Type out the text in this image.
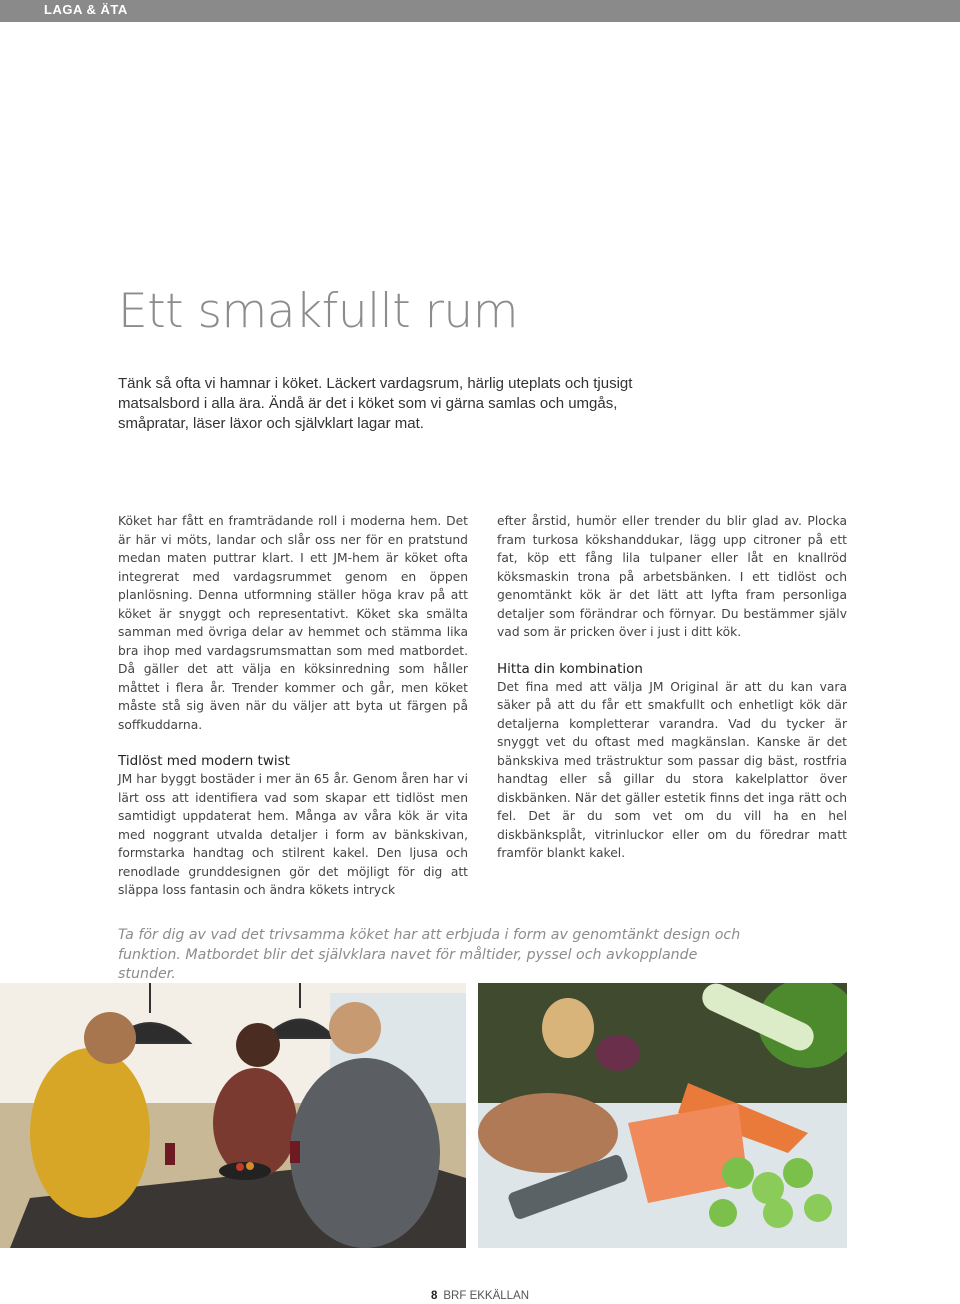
LAGA & ÄTA
Ett smakfullt rum

Tänk så ofta vi hamnar i köket. Läckert vardagsrum, härlig uteplats och tjusigt matsalsbord i alla ära. Ändå är det i köket som vi gärna samlas och umgås, småpratar, läser läxor och självklart lagar mat.

Köket har fått en framträdande roll i moderna hem. Det är här vi möts, landar och slår oss ner för en pratstund medan maten puttrar klart. I ett JM-hem är köket ofta integrerat med vardagsrummet genom en öppen planlösning. Denna utformning ställer höga krav på att köket är snyggt och representativt. Köket ska smälta samman med övriga delar av hemmet och stämma lika bra ihop med vardagsrumsmattan som med matbordet. Då gäller det att välja en köksinredning som håller måttet i flera år. Trender kommer och går, men köket måste stå sig även när du väljer att byta ut färgen på soffkuddarna.

Tidlöst med modern twist

JM har byggt bostäder i mer än 65 år. Genom åren har vi lärt oss att identifiera vad som skapar ett tidlöst men samtidigt uppdaterat hem. Många av våra kök är vita med noggrant utvalda detaljer i form av bänkskivan, formstarka handtag och stilrent kakel. Den ljusa och renodlade grunddesignen gör det möjligt för dig att släppa loss fantasin och ändra kökets intryck

efter årstid, humör eller trender du blir glad av. Plocka fram turkosa kökshanddukar, lägg upp citroner på ett fat, köp ett fång lila tulpaner eller låt en knallröd köksmaskin trona på arbetsbänken. I ett tidlöst och genomtänkt kök är det lätt att lyfta fram personliga detaljer som förändrar och förnyar. Du bestämmer själv vad som är pricken över i just i ditt kök.

Hitta din kombination

Det fina med att välja JM Original är att du kan vara säker på att du får ett smakfullt och enhetligt kök där detaljerna kompletterar varandra. Vad du tycker är snyggt vet du oftast med magkänslan. Kanske är det bänkskiva med trästruktur som passar dig bäst, rostfria handtag eller så gillar du stora kakelplattor över diskbänken. När det gäller estetik finns det inga rätt och fel. Det är du som vet om du vill ha en hel diskbänksplåt, vitrinluckor eller om du föredrar matt framför blankt kakel.

Ta för dig av vad det trivsamma köket har att erbjuda i form av genomtänkt design och funktion. Matbordet blir det självklara navet för måltider, pyssel och avkopplande stunder.

8 BRF EKKÄLLAN
